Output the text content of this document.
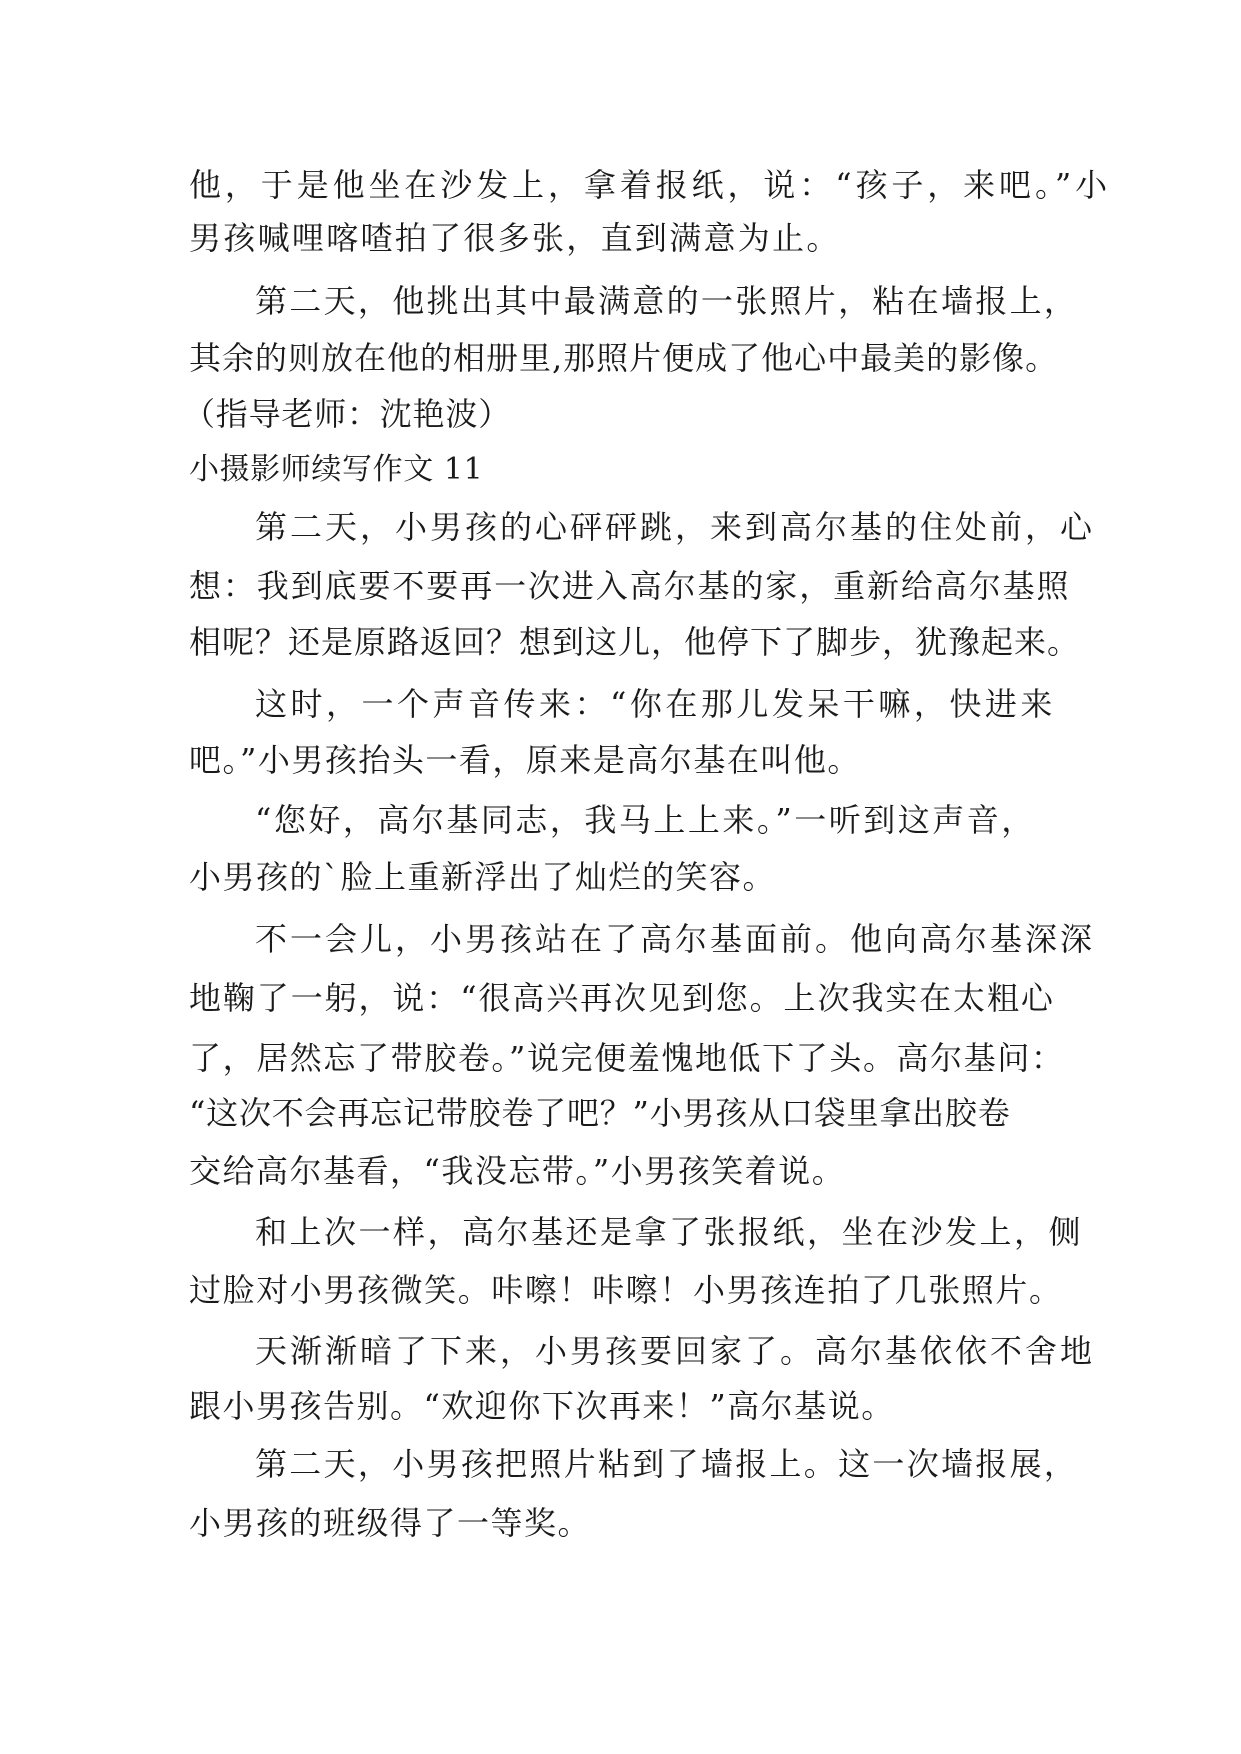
他，于是他坐在沙发上，拿着报纸，说：“孩子，来吧。”小
男孩喊哩喀喳拍了很多张，直到满意为止。
第二天，他挑出其中最满意的一张照片，粘在墙报上，
其余的则放在他的相册里,那照片便成了他心中最美的影像。
（指导老师：沈艳波）
小摄影师续写作文 11
第二天，小男孩的心砰砰跳，来到高尔基的住处前，心
想：我到底要不要再一次进入高尔基的家，重新给高尔基照
相呢？还是原路返回？想到这儿，他停下了脚步，犹豫起来。
这时，一个声音传来：“你在那儿发呆干嘛，快进来
吧。”小男孩抬头一看，原来是高尔基在叫他。
“您好，高尔基同志，我马上上来。”一听到这声音，
小男孩的`脸上重新浮出了灿烂的笑容。
不一会儿，小男孩站在了高尔基面前。他向高尔基深深
地鞠了一躬，说：“很高兴再次见到您。上次我实在太粗心
了，居然忘了带胶卷。”说完便羞愧地低下了头。高尔基问：
“这次不会再忘记带胶卷了吧？”小男孩从口袋里拿出胶卷
交给高尔基看，“我没忘带。”小男孩笑着说。
和上次一样，高尔基还是拿了张报纸，坐在沙发上，侧
过脸对小男孩微笑。咔嚓！咔嚓！小男孩连拍了几张照片。
天渐渐暗了下来，小男孩要回家了。高尔基依依不舍地
跟小男孩告别。“欢迎你下次再来！”高尔基说。
第二天，小男孩把照片粘到了墙报上。这一次墙报展，
小男孩的班级得了一等奖。
